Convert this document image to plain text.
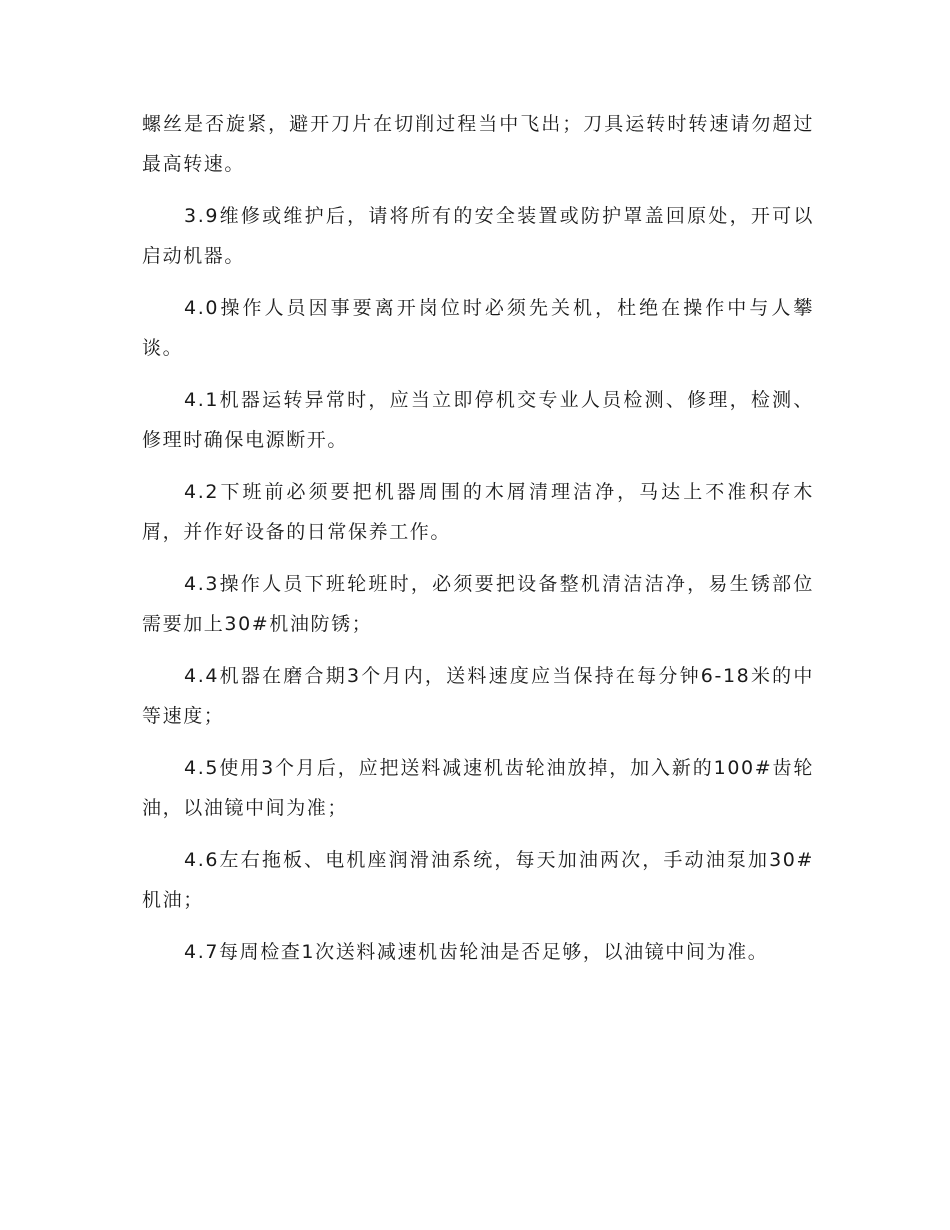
螺丝是否旋紧，避开刀片在切削过程当中飞出；刀具运转时转速请勿超过最高转速。

3.9维修或维护后，请将所有的安全装置或防护罩盖回原处，开可以启动机器。

4.0操作人员因事要离开岗位时必须先关机，杜绝在操作中与人攀谈。

4.1机器运转异常时，应当立即停机交专业人员检测、修理，检测、修理时确保电源断开。

4.2下班前必须要把机器周围的木屑清理洁净，马达上不准积存木屑，并作好设备的日常保养工作。

4.3操作人员下班轮班时，必须要把设备整机清洁洁净，易生锈部位需要加上30#机油防锈；

4.4机器在磨合期3个月内，送料速度应当保持在每分钟6-18米的中等速度；

4.5使用3个月后，应把送料减速机齿轮油放掉，加入新的100#齿轮油，以油镜中间为准；

4.6左右拖板、电机座润滑油系统，每天加油两次，手动油泵加30#机油；

4.7每周检查1次送料减速机齿轮油是否足够，以油镜中间为准。
